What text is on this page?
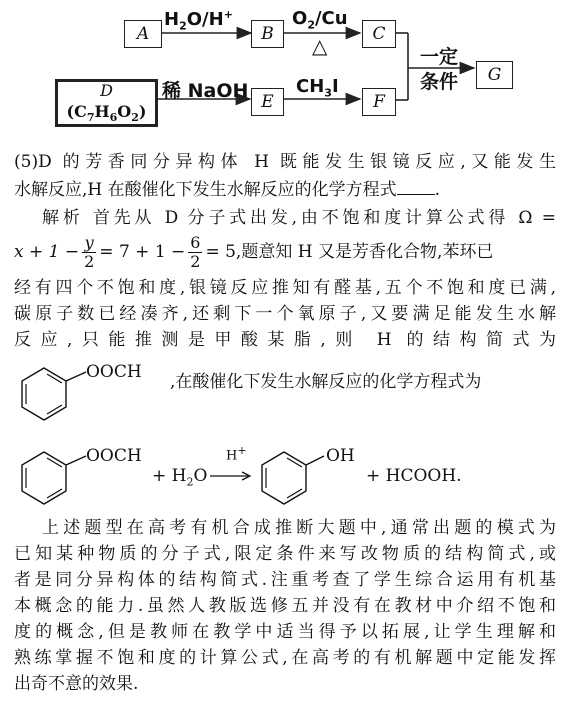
A	B	C
D
$(C_7H_6O_2)$	E	F
G
$H_2O/H^+$	$O_2/Cu$
△
稀 NaOH	$CH_3I$
一定
条件
(5)D 的芳香同分异构体 H 既能发生银镜反应,又能发生
水解反应,H 在酸催化下发生水解反应的化学方程式 .
解析 首先从 D 分子式出发,由不饱和度计算公式得 Ω =
$x + 1 - \frac{y}{2} = 7 + 1 - \frac{6}{2} = 5$,题意知 H 又是芳香化合物,苯环已
经有四个不饱和度,银镜反应推知有醛基,五个不饱和度已满,
碳原子数已经凑齐,还剩下一个氧原子,又要满足能发生水解
反应,只能推测是甲酸某脂,则 H 的结构简式为
OOCH ,在酸催化下发生水解反应的化学方程式为
OOCH
+ $H_2O$
H+	OH
+ HCOOH.
上述题型在高考有机合成推断大题中,通常出题的模式为
已知某种物质的分子式,限定条件来写改物质的结构简式,或
者是同分异构体的结构简式.注重考查了学生综合运用有机基
本概念的能力.虽然人教版选修五并没有在教材中介绍不饱和
度的概念,但是教师在教学中适当得予以拓展,让学生理解和
熟练掌握不饱和度的计算公式,在高考的有机解题中定能发挥
出奇不意的效果.
